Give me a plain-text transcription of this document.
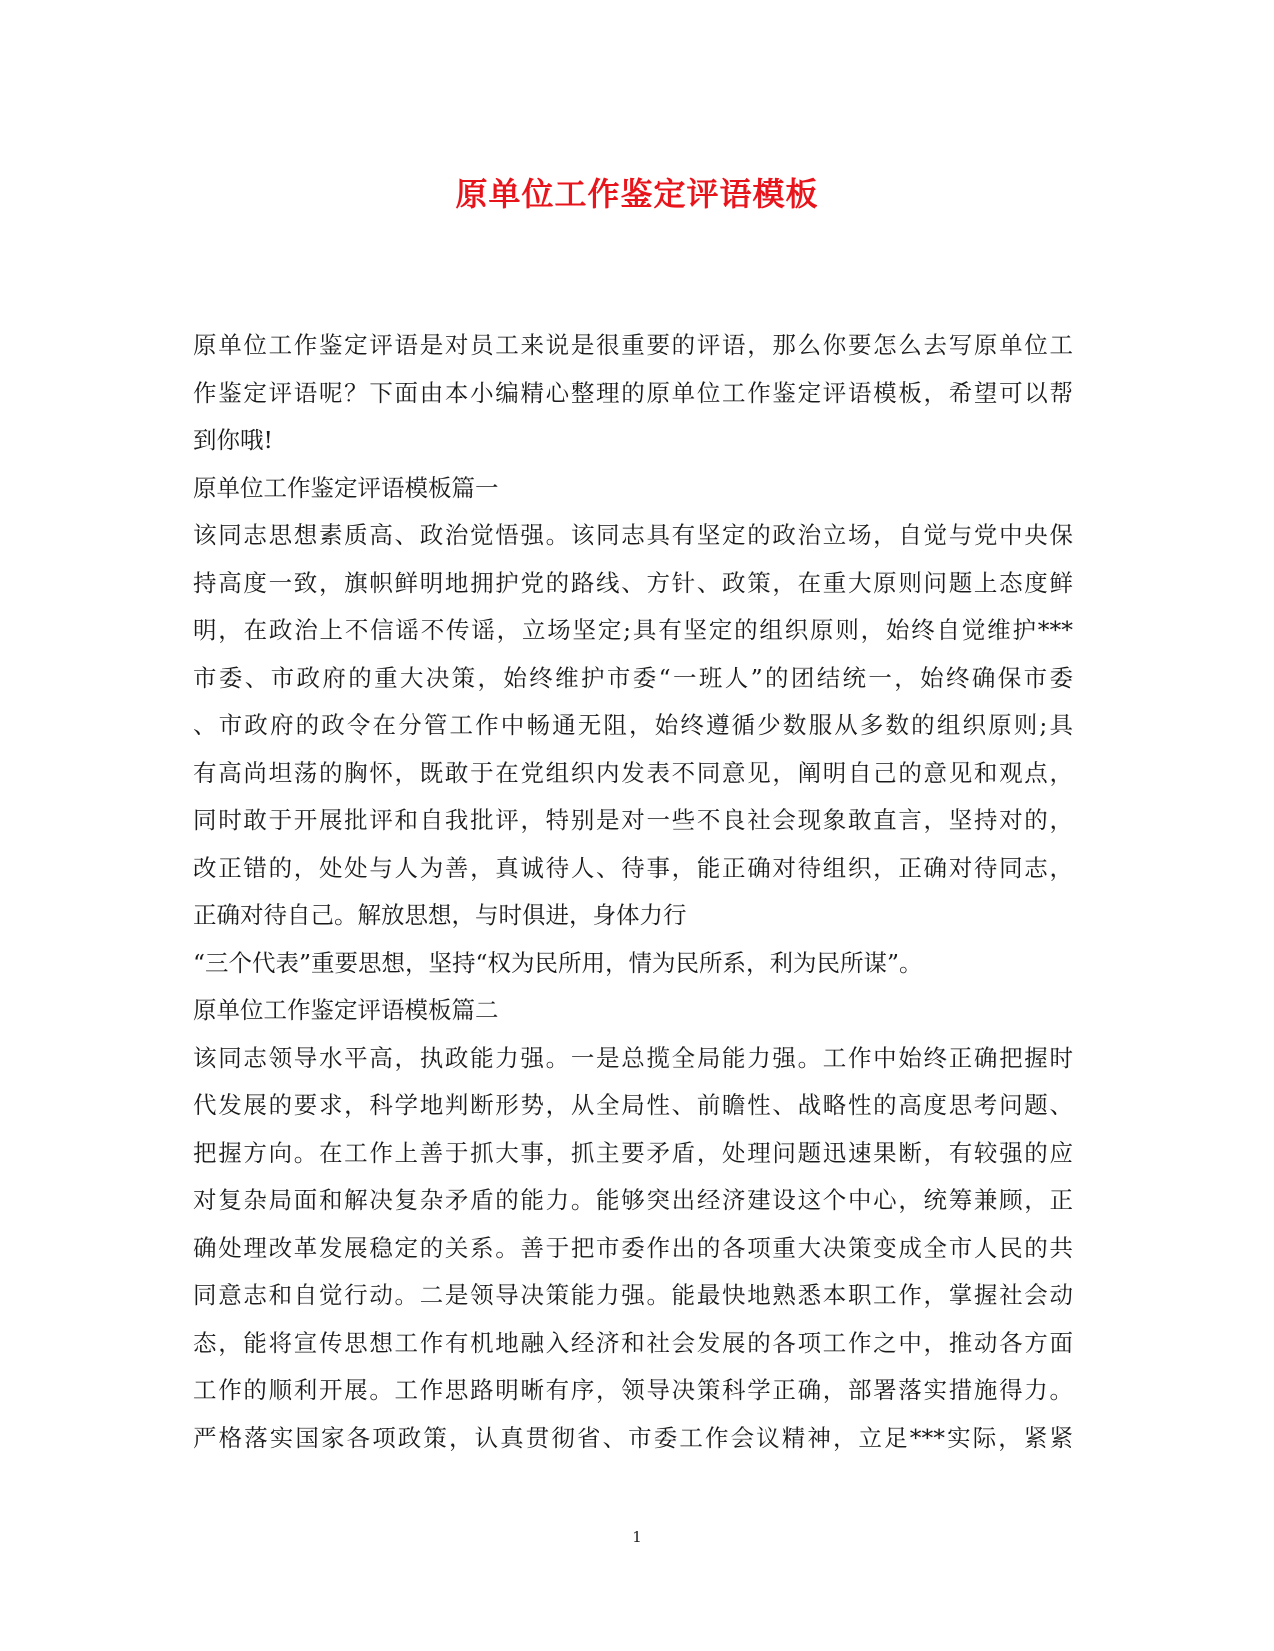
原单位工作鉴定评语模板
原单位工作鉴定评语是对员工来说是很重要的评语，那么你要怎么去写原单位工
作鉴定评语呢？下面由本小编精心整理的原单位工作鉴定评语模板，希望可以帮
到你哦!
原单位工作鉴定评语模板篇一
该同志思想素质高、政治觉悟强。该同志具有坚定的政治立场，自觉与党中央保
持高度一致，旗帜鲜明地拥护党的路线、方针、政策，在重大原则问题上态度鲜
明，在政治上不信谣不传谣，立场坚定;具有坚定的组织原则，始终自觉维护***
市委、市政府的重大决策，始终维护市委“一班人”的团结统一，始终确保市委
、市政府的政令在分管工作中畅通无阻，始终遵循少数服从多数的组织原则;具
有高尚坦荡的胸怀，既敢于在党组织内发表不同意见，阐明自己的意见和观点，
同时敢于开展批评和自我批评，特别是对一些不良社会现象敢直言，坚持对的，
改正错的，处处与人为善，真诚待人、待事，能正确对待组织，正确对待同志，
正确对待自己。解放思想，与时俱进，身体力行
“三个代表”重要思想，坚持“权为民所用，情为民所系，利为民所谋”。
原单位工作鉴定评语模板篇二
该同志领导水平高，执政能力强。一是总揽全局能力强。工作中始终正确把握时
代发展的要求，科学地判断形势，从全局性、前瞻性、战略性的高度思考问题、
把握方向。在工作上善于抓大事，抓主要矛盾，处理问题迅速果断，有较强的应
对复杂局面和解决复杂矛盾的能力。能够突出经济建设这个中心，统筹兼顾，正
确处理改革发展稳定的关系。善于把市委作出的各项重大决策变成全市人民的共
同意志和自觉行动。二是领导决策能力强。能最快地熟悉本职工作，掌握社会动
态，能将宣传思想工作有机地融入经济和社会发展的各项工作之中，推动各方面
工作的顺利开展。工作思路明晰有序，领导决策科学正确，部署落实措施得力。
严格落实国家各项政策，认真贯彻省、市委工作会议精神，立足***实际，紧紧
1
